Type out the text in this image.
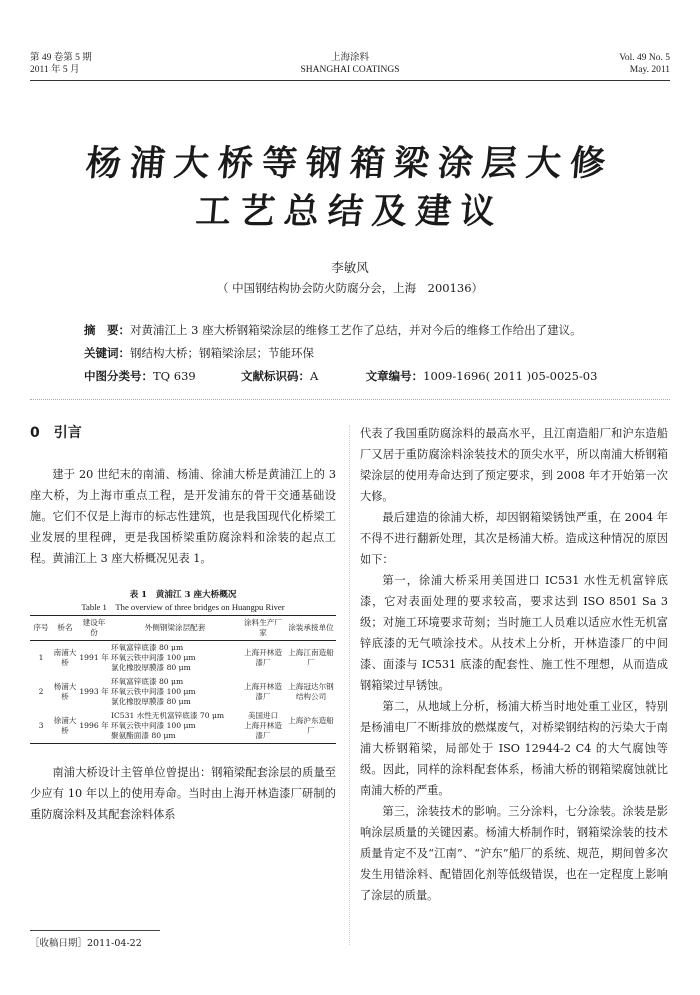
第 49 卷第 5 期
2011 年 5 月
上海涂料
SHANGHAI COATINGS
Vol. 49 No. 5
May. 2011
杨浦大桥等钢箱梁涂层大修
工艺总结及建议
李敏风
（ 中国钢结构协会防火防腐分会，上海　200136）
摘　要：对黄浦江上 3 座大桥钢箱梁涂层的维修工艺作了总结，并对今后的维修工作给出了建议。
关键词：钢结构大桥；钢箱梁涂层；节能环保
中图分类号：TQ 639	文献标识码：A	文章编号：1009-1696( 2011 )05-0025-03
0　 引言

建于 20 世纪末的南浦、杨浦、徐浦大桥是黄浦江上的 3 座大桥，为上海市重点工程，是开发浦东的骨干交通基础设施。它们不仅是上海市的标志性建筑，也是我国现代化桥梁工业发展的里程碑，更是我国桥梁重防腐涂料和涂装的起点工程。黄浦江上 3 座大桥概况见表 1。

表 1　黄浦江 3 座大桥概况
Table 1　The overview of three bridges on Huangpu River
序号	桥名	建设年份	外侧钢梁涂层配套	涂料生产厂家	涂装承接单位
1	南浦大桥	1991 年	环氧富锌底漆 80 μm
环氧云铁中间漆 100 μm
氯化橡胶厚膜漆 80 μm	上海开林造漆厂	上海江南造船厂
2	杨浦大桥	1993 年	环氧富锌底漆 80 μm
环氧云铁中间漆 100 μm
氯化橡胶厚膜漆 80 μm	上海开林造漆厂	上海冠达尔钢结构公司
3	徐浦大桥	1996 年	IC531 水性无机富锌底漆 70 μm
环氧云铁中间漆 100 μm
聚氨酯面漆 80 μm	美国进口　上海开林造漆厂	上海沪东造船厂

南浦大桥设计主管单位曾提出：钢箱梁配套涂层的质量至少应有 10 年以上的使用寿命。当时由上海开林造漆厂研制的重防腐涂料及其配套涂料体系

代表了我国重防腐涂料的最高水平，且江南造船厂和沪东造船厂又居于重防腐涂料涂装技术的顶尖水平，所以南浦大桥钢箱梁涂层的使用寿命达到了预定要求，到 2008 年才开始第一次大修。

最后建造的徐浦大桥，却因钢箱梁锈蚀严重，在 2004 年不得不进行翻新处理，其次是杨浦大桥。造成这种情况的原因如下：

第一，徐浦大桥采用美国进口 IC531 水性无机富锌底漆，它对表面处理的要求较高，要求达到 ISO 8501 Sa 3 级；对施工环境要求苛刻；当时施工人员难以适应水性无机富锌底漆的无气喷涂技术。从技术上分析，开林造漆厂的中间漆、面漆与 IC531 底漆的配套性、施工性不理想，从而造成钢箱梁过早锈蚀。

第二，从地域上分析，杨浦大桥当时地处重工业区，特别是杨浦电厂不断排放的燃煤废气，对桥梁钢结构的污染大于南浦大桥钢箱梁，局部处于 ISO 12944-2 C4 的大气腐蚀等级。因此，同样的涂料配套体系，杨浦大桥的钢箱梁腐蚀就比南浦大桥的严重。

第三，涂装技术的影响。三分涂料，七分涂装。涂装是影响涂层质量的关键因素。杨浦大桥制作时，钢箱梁涂装的技术质量肯定不及“江南”、“沪东”船厂的系统、规范，期间曾多次发生用错涂料、配错固化剂等低级错误，也在一定程度上影响了涂层的质量。

［收稿日期］2011-04-22
